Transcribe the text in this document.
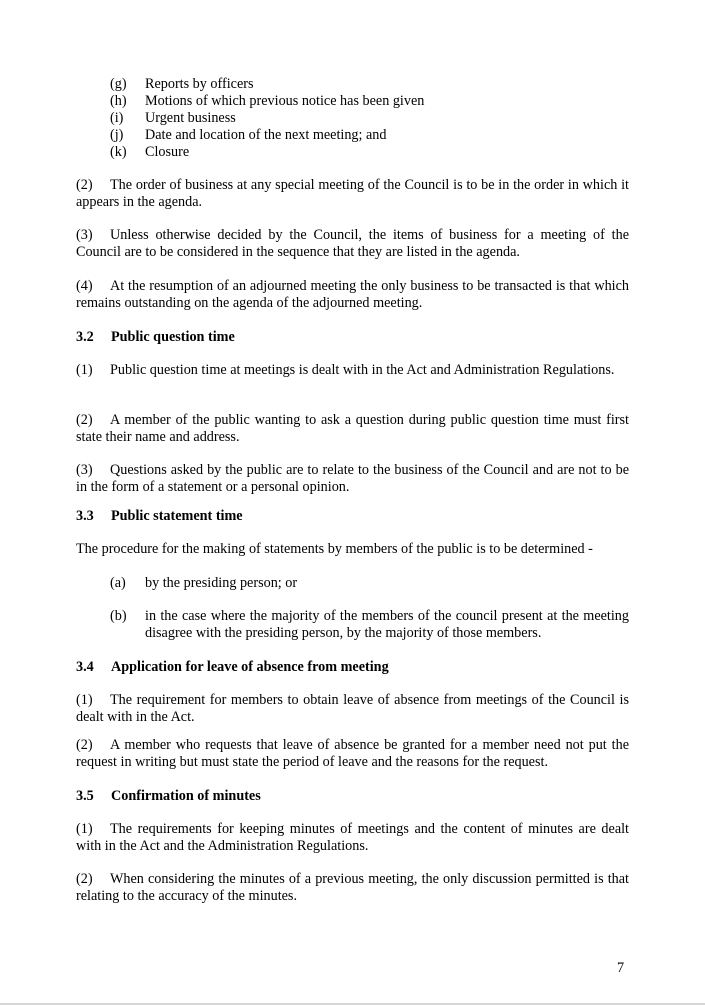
(g) Reports by officers
(h) Motions of which previous notice has been given
(i) Urgent business
(j) Date and location of the next meeting; and
(k) Closure
(2) The order of business at any special meeting of the Council is to be in the order in which it appears in the agenda.
(3) Unless otherwise decided by the Council, the items of business for a meeting of the Council are to be considered in the sequence that they are listed in the agenda.
(4) At the resumption of an adjourned meeting the only business to be transacted is that which remains outstanding on the agenda of the adjourned meeting.
3.2 Public question time
(1) Public question time at meetings is dealt with in the Act and Administration Regulations.
(2) A member of the public wanting to ask a question during public question time must first state their name and address.
(3) Questions asked by the public are to relate to the business of the Council and are not to be in the form of a statement or a personal opinion.
3.3 Public statement time
The procedure for the making of statements by members of the public is to be determined -
(a) by the presiding person; or
(b) in the case where the majority of the members of the council present at the meeting disagree with the presiding person, by the majority of those members.
3.4 Application for leave of absence from meeting
(1) The requirement for members to obtain leave of absence from meetings of the Council is dealt with in the Act.
(2) A member who requests that leave of absence be granted for a member need not put the request in writing but must state the period of leave and the reasons for the request.
3.5 Confirmation of minutes
(1) The requirements for keeping minutes of meetings and the content of minutes are dealt with in the Act and the Administration Regulations.
(2) When considering the minutes of a previous meeting, the only discussion permitted is that relating to the accuracy of the minutes.
7
